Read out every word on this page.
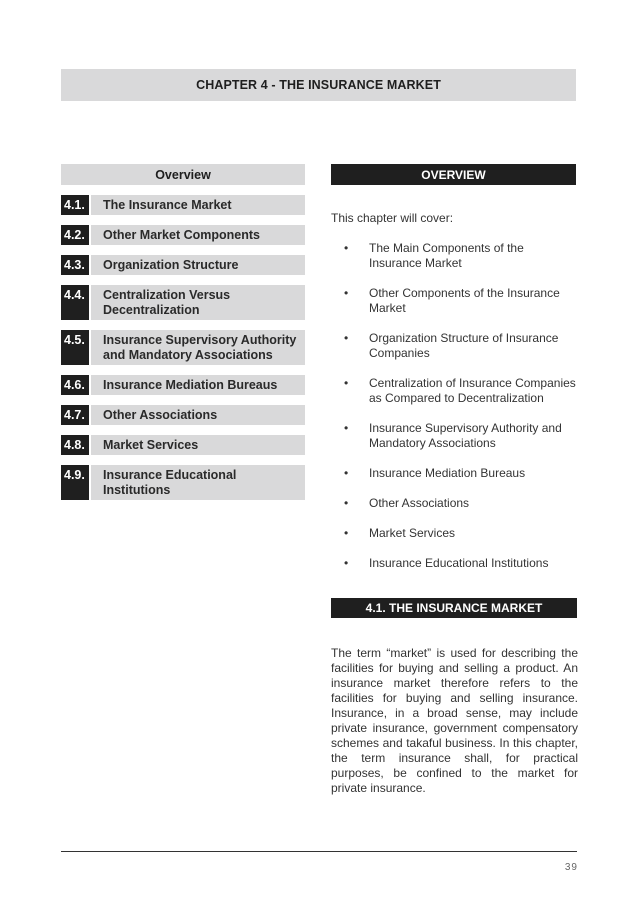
CHAPTER 4 - THE INSURANCE MARKET
Overview
4.1.	The Insurance Market
4.2.	Other Market Components
4.3.	Organization Structure
4.4.	Centralization Versus Decentralization
4.5.	Insurance Supervisory Authority and Mandatory Associations
4.6.	Insurance Mediation Bureaus
4.7.	Other Associations
4.8.	Market Services
4.9.	Insurance Educational Institutions
OVERVIEW
This chapter will cover:
• The Main Components of the Insurance Market
• Other Components of the Insurance Market
• Organization Structure of Insurance Companies
• Centralization of Insurance Companies as Compared to Decentralization
• Insurance Supervisory Authority and Mandatory Associations
• Insurance Mediation Bureaus
• Other Associations
• Market Services
• Insurance Educational Institutions
4.1. THE INSURANCE MARKET
The term “market” is used for describing the facilities for buying and selling a product. An insurance market therefore refers to the facilities for buying and selling insurance. Insurance, in a broad sense, may include private insurance, government compensatory schemes and takaful business. In this chapter, the term insurance shall, for practical purposes, be confined to the market for private insurance.
39
